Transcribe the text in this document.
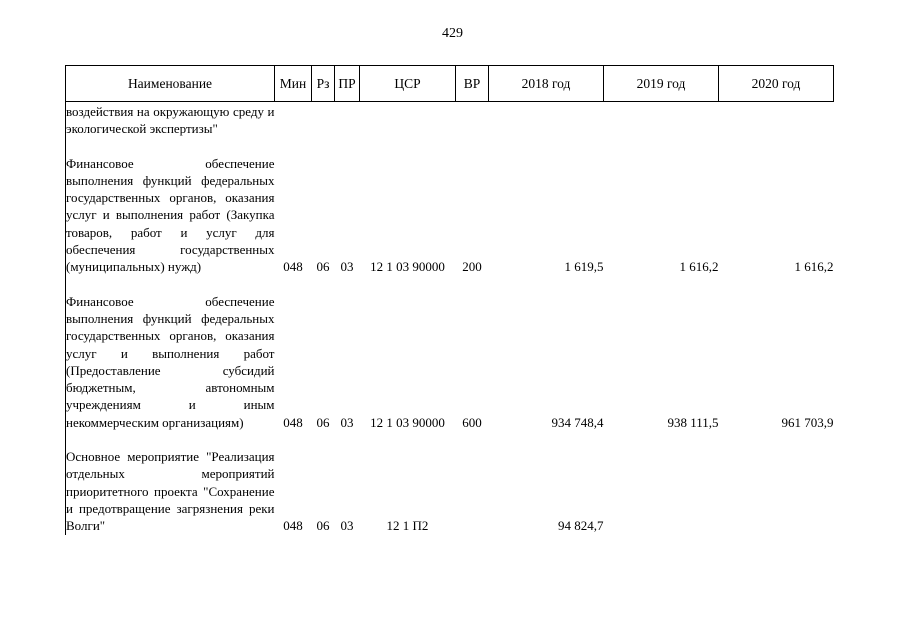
429
Наименование	Мин	Рз	ПР	ЦСР	ВР	2018 год	2019 год	2020 год
воздействия на окружающую среду и экологической экспертизы"								

Финансовое обеспечение выполнения функций федеральных государственных органов, оказания услуг и выполнения работ (Закупка товаров, работ и услуг для обеспечения государственных (муниципальных) нужд)	048	06	03	12 1 03 90000	200	1 619,5	1 616,2	1 616,2

Финансовое обеспечение выполнения функций федеральных государственных органов, оказания услуг и выполнения работ (Предоставление субсидий бюджетным, автономным учреждениям и иным некоммерческим организациям)	048	06	03	12 1 03 90000	600	934 748,4	938 111,5	961 703,9

Основное мероприятие "Реализация отдельных мероприятий приоритетного проекта "Сохранение и предотвращение загрязнения реки Волги"	048	06	03	12 1 П2		94 824,7		
